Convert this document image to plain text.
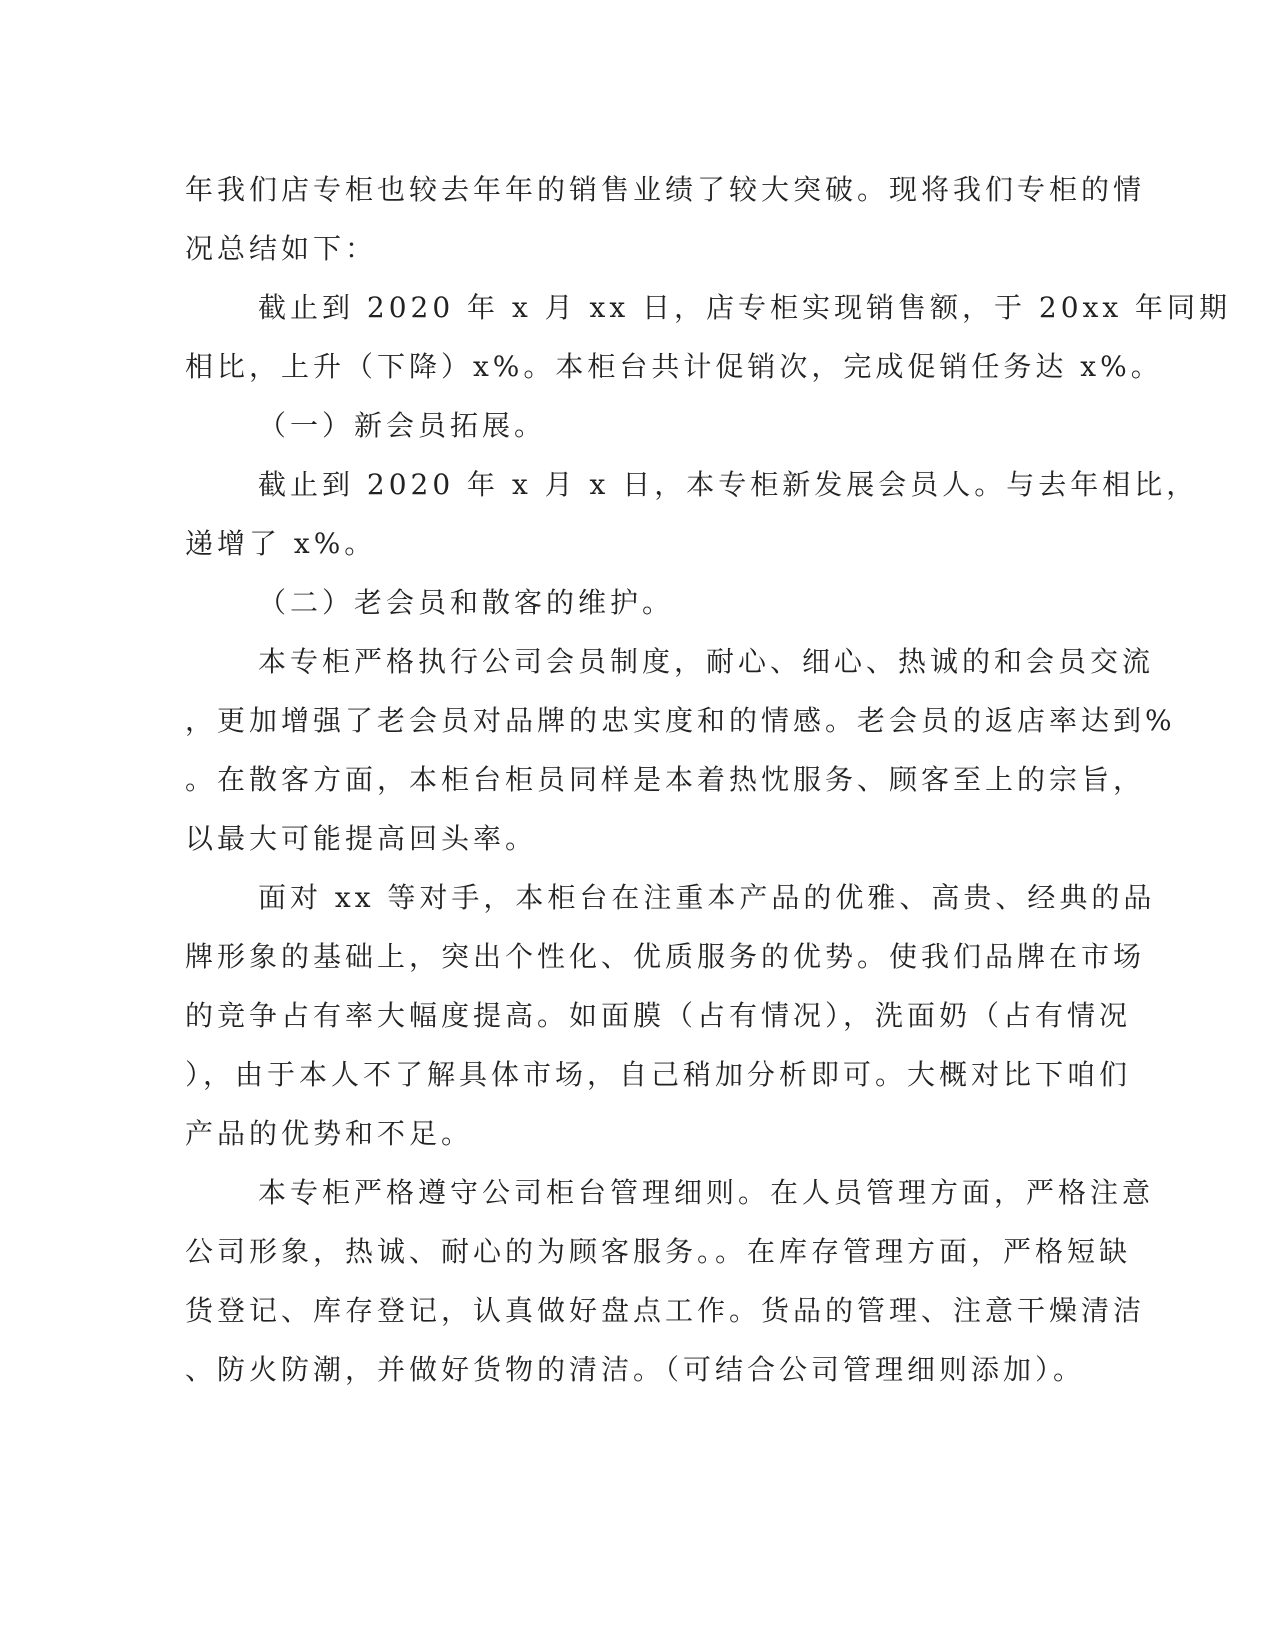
年我们店专柜也较去年年的销售业绩了较大突破。现将我们专柜的情
况总结如下：
截止到 2020 年 x 月 xx 日，店专柜实现销售额，于 20xx 年同期
相比，上升（下降）x%。本柜台共计促销次，完成促销任务达 x%。
（一）新会员拓展。
截止到 2020 年 x 月 x 日，本专柜新发展会员人。与去年相比，
递增了 x%。
（二）老会员和散客的维护。
本专柜严格执行公司会员制度，耐心、细心、热诚的和会员交流
，更加增强了老会员对品牌的忠实度和的情感。老会员的返店率达到%
。在散客方面，本柜台柜员同样是本着热忱服务、顾客至上的宗旨，
以最大可能提高回头率。
面对 xx 等对手，本柜台在注重本产品的优雅、高贵、经典的品
牌形象的基础上，突出个性化、优质服务的优势。使我们品牌在市场
的竞争占有率大幅度提高。如面膜（占有情况），洗面奶（占有情况
），由于本人不了解具体市场，自己稍加分析即可。大概对比下咱们
产品的优势和不足。
本专柜严格遵守公司柜台管理细则。在人员管理方面，严格注意
公司形象，热诚、耐心的为顾客服务。。在库存管理方面，严格短缺
货登记、库存登记，认真做好盘点工作。货品的管理、注意干燥清洁
、防火防潮，并做好货物的清洁。（可结合公司管理细则添加）。
